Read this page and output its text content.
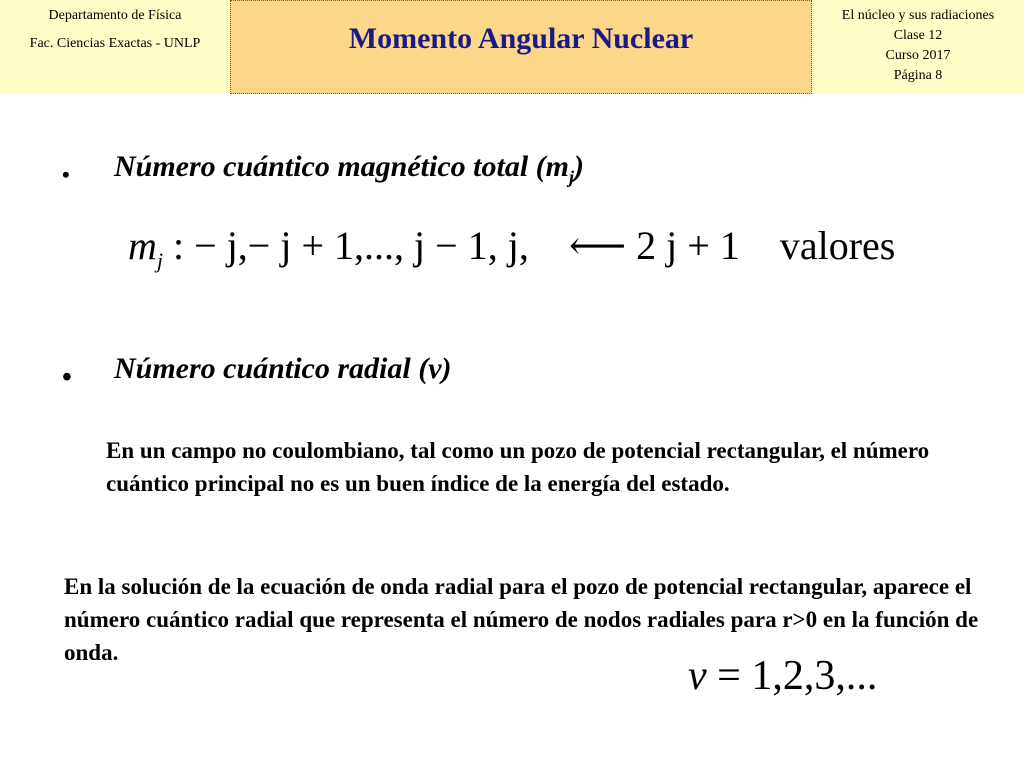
Departamento de Física
Fac. Ciencias Exactas - UNLP	Momento Angular Nuclear
El núcleo y sus radiaciones
Clase 12
Curso 2017
Página 8
• Número cuántico magnético total $(m_j)$
$m_j$ : − j,− j + 1,..., j − 1, j, ⟵ 2 j + 1 valores
• Número cuántico radial (ν)
En un campo no coulombiano, tal como un pozo de potencial rectangular, el número cuántico principal no es un buen índice de la energía del estado.
En la solución de la ecuación de onda radial para el pozo de potencial rectangular, aparece el número cuántico radial que representa el número de nodos radiales para r>0 en la función de onda.
ν = 1,2,3,...
